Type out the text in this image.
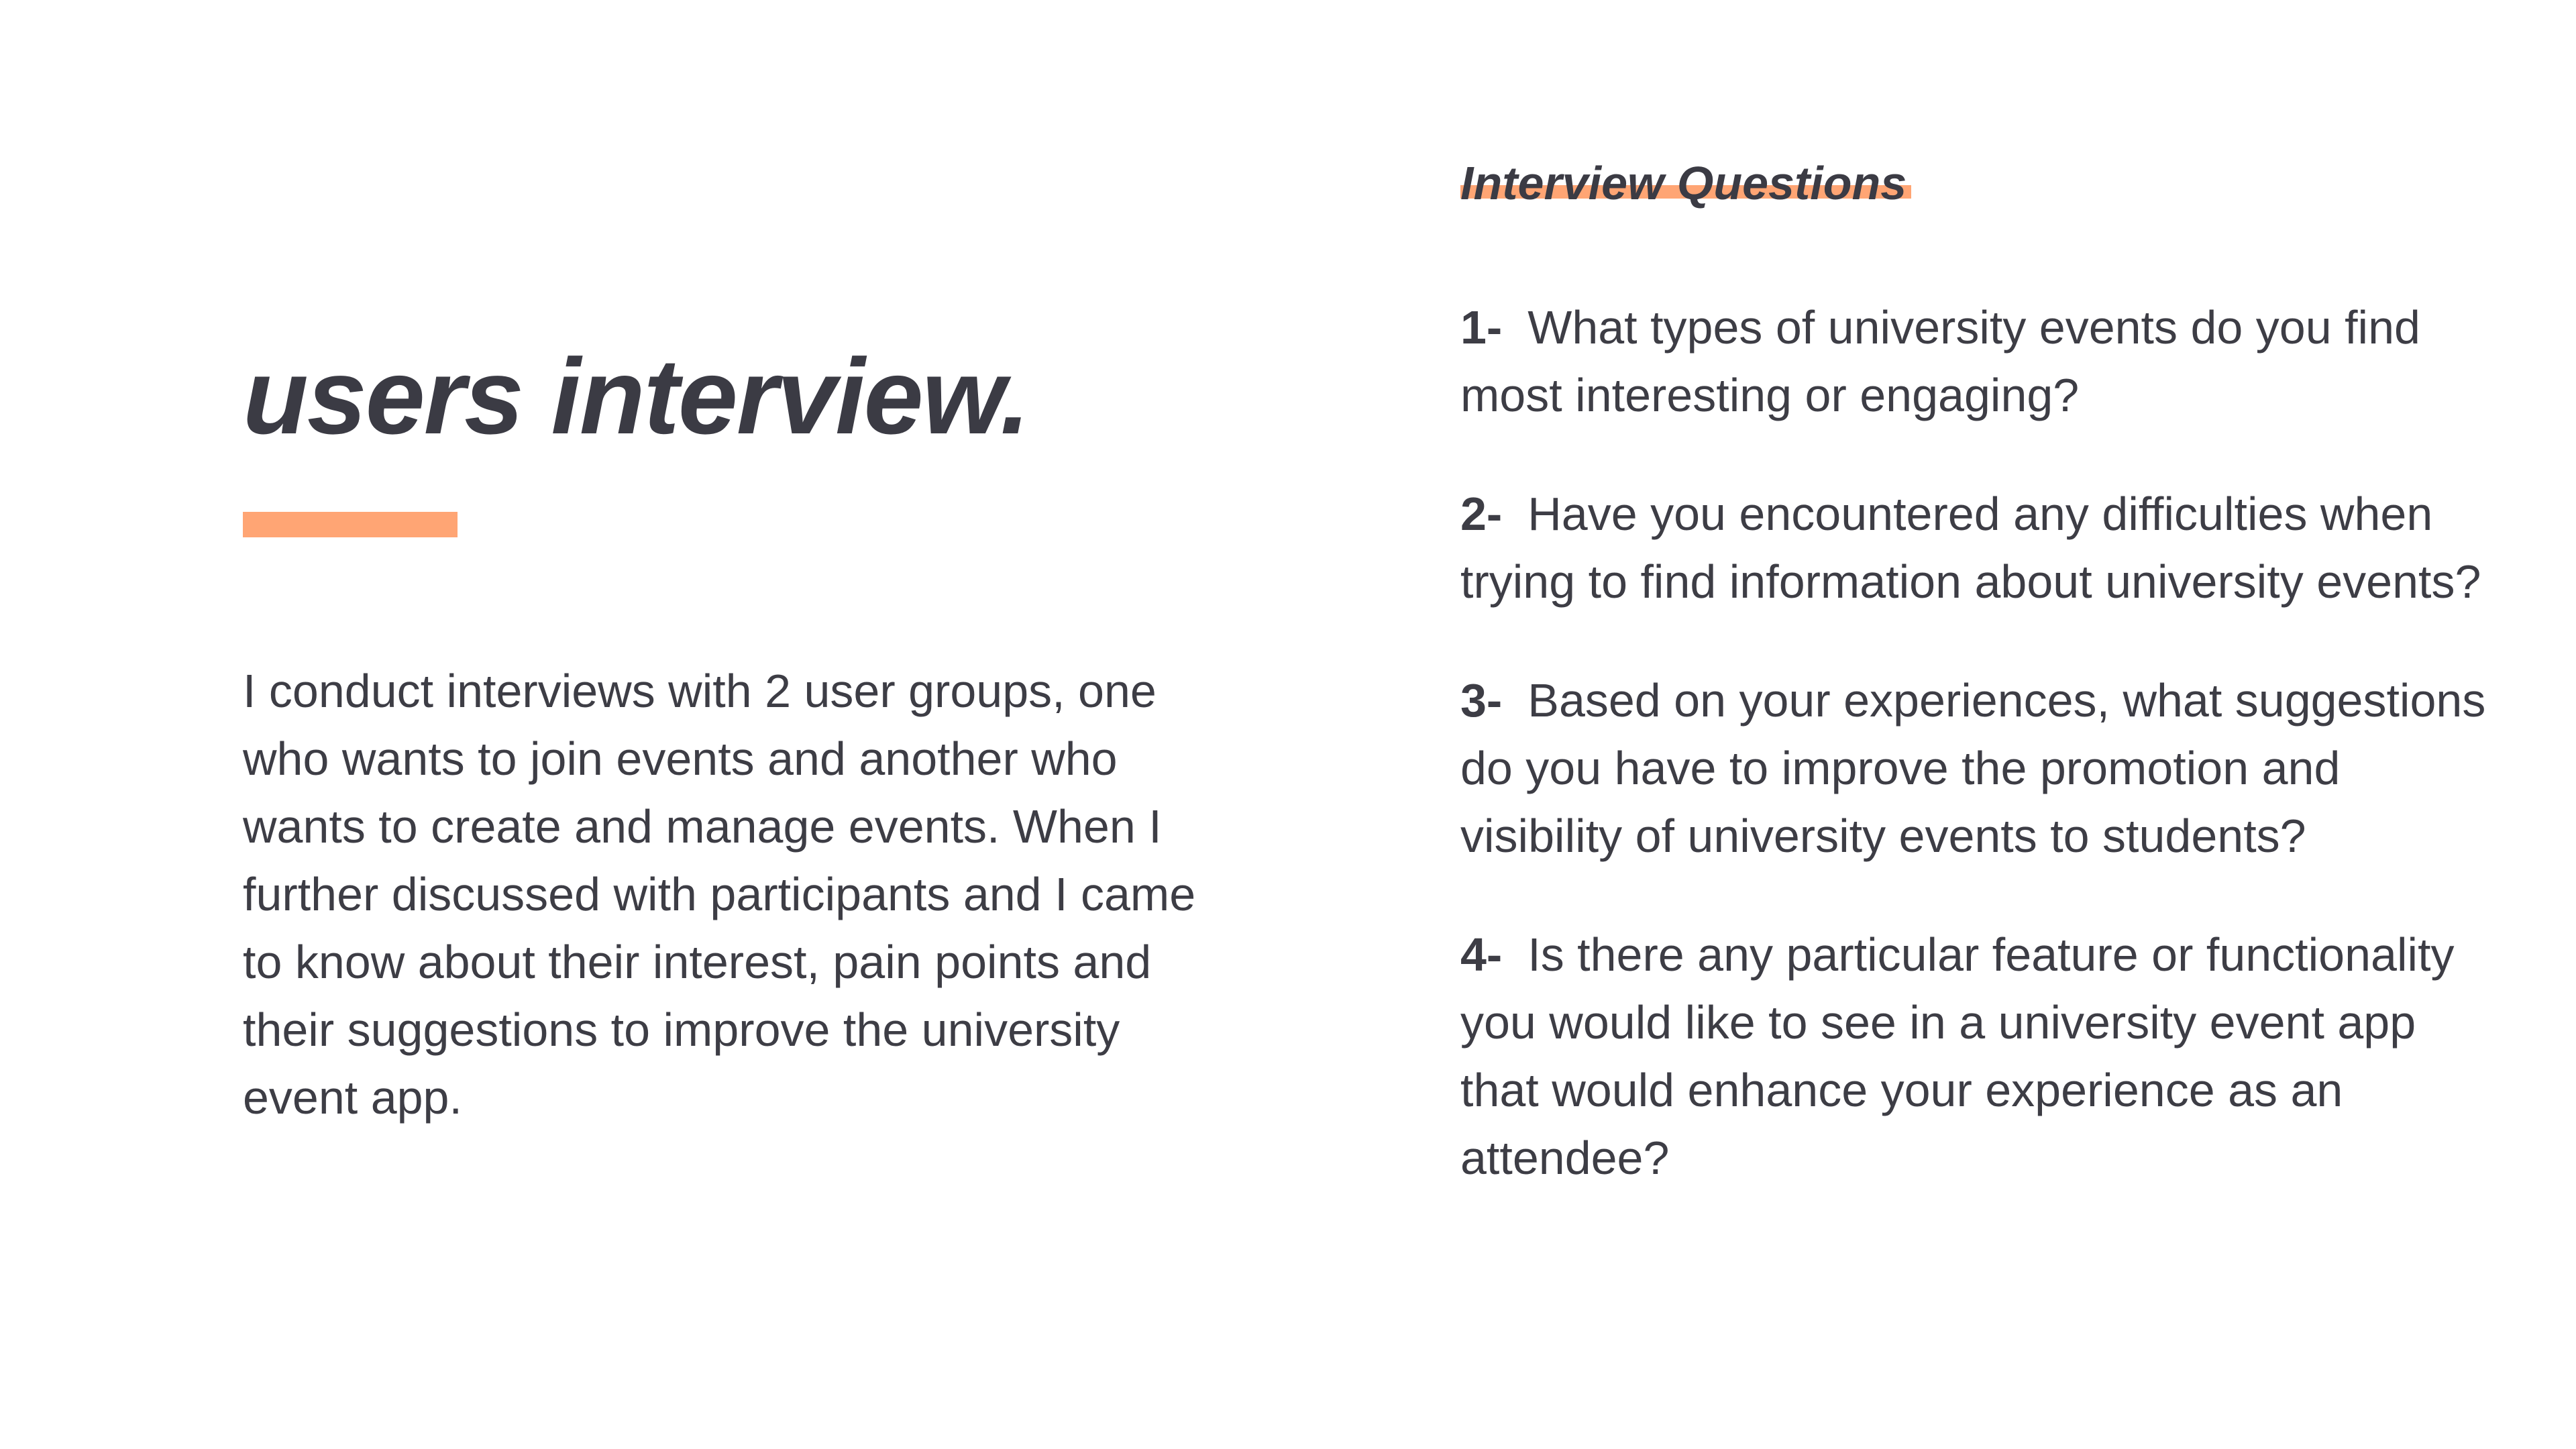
users interview.

I conduct interviews with 2 user groups, one who wants to join events and another who wants to create and manage events. When I further discussed with participants and I came to know about their interest, pain points and their suggestions to improve the university event app.

Interview Questions

1- What types of university events do you find most interesting or engaging?

2- Have you encountered any difficulties when trying to find information about university events?

3- Based on your experiences, what suggestions do you have to improve the promotion and visibility of university events to students?

4- Is there any particular feature or functionality you would like to see in a university event app that would enhance your experience as an attendee?
